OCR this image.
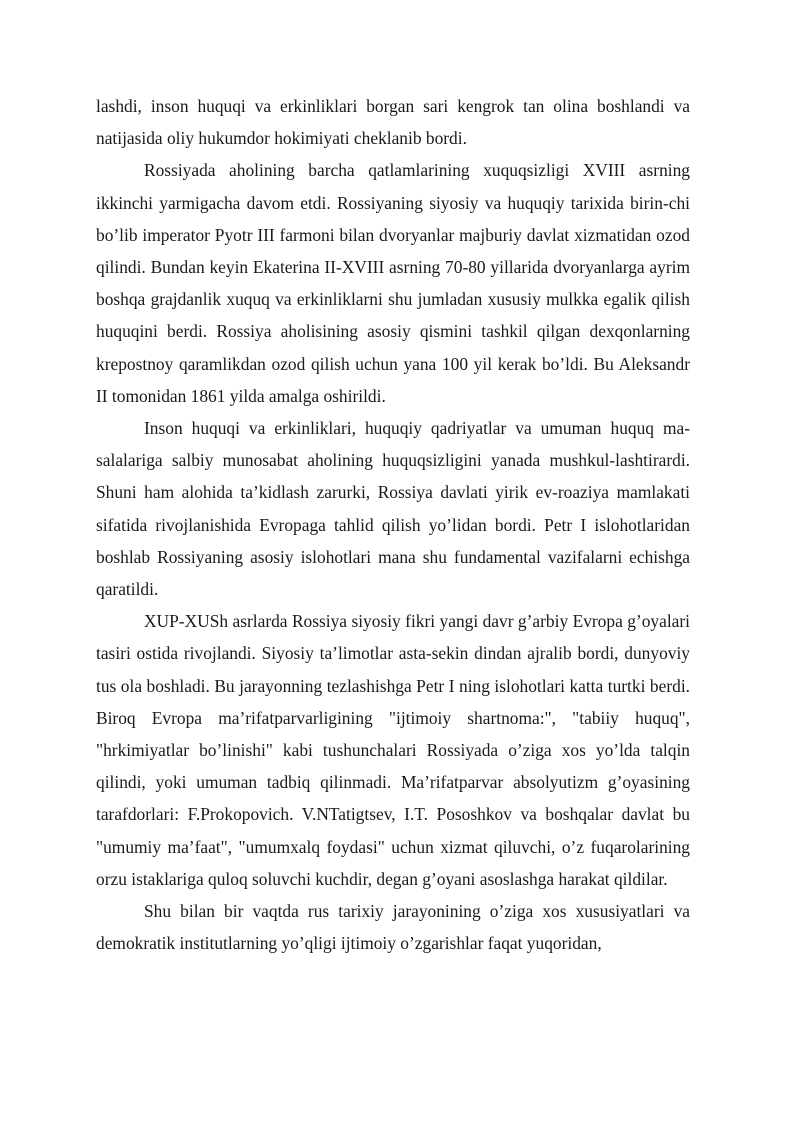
lashdi, inson huquqi va erkinliklari borgan sari kengrok tan olina boshlandi va natijasida oliy hukumdor hokimiyati cheklanib bordi.

Rossiyada aholining barcha qatlamlarining xuquqsizligi XVIII asrning ikkinchi yarmigacha davom etdi. Rossiyaning siyosiy va huquqiy tarixida birin-chi bo’lib imperator Pyotr III farmoni bilan dvoryanlar majburiy davlat xizmatidan ozod qilindi. Bundan keyin Ekaterina II-XVIII asrning 70-80 yillarida dvoryanlarga ayrim boshqa grajdanlik xuquq va erkinliklarni shu jumladan xususiy mulkka egalik qilish huquqini berdi. Rossiya aholisining asosiy qismini tashkil qilgan dexqonlarning krepostnoy qaramlikdan ozod qilish uchun yana 100 yil kerak bo’ldi. Bu Aleksandr II tomonidan 1861 yilda amalga oshirildi.

Inson huquqi va erkinliklari, huquqiy qadriyatlar va umuman huquq ma-salalariga salbiy munosabat aholining huquqsizligini yanada mushkul-lashtirardi. Shuni ham alohida ta’kidlash zarurki, Rossiya davlati yirik ev-roaziya mamlakati sifatida rivojlanishida Evropaga tahlid qilish yo’lidan bordi. Petr I islohotlaridan boshlab Rossiyaning asosiy islohotlari mana shu fundamental vazifalarni echishga qaratildi.

XUP-XUSh asrlarda Rossiya siyosiy fikri yangi davr g’arbiy Evropa g’oyalari tasiri ostida rivojlandi. Siyosiy ta’limotlar asta-sekin dindan ajralib bordi, dunyoviy tus ola boshladi. Bu jarayonning tezlashishga Petr I ning islohotlari katta turtki berdi. Biroq Evropa ma’rifatparvarligining "ijtimoiy shartnoma:", "tabiiy huquq", "hrkimiyatlar bo’linishi" kabi tushunchalari Rossiyada o’ziga xos yo’lda talqin qilindi, yoki umuman tadbiq qilinmadi. Ma’rifatparvar absolyutizm g’oyasining tarafdorlari: F.Prokopovich. V.NTatigtsev, I.T. Pososhkov va boshqalar davlat bu "umumiy ma’faat", "umumxalq foydasi" uchun xizmat qiluvchi, o’z fuqarolarining orzu istaklariga quloq soluvchi kuchdir, degan g’oyani asoslashga harakat qildilar.

Shu bilan bir vaqtda rus tarixiy jarayonining o’ziga xos xususiyatlari va demokratik institutlarning yo’qligi ijtimoiy o’zgarishlar faqat yuqoridan,
